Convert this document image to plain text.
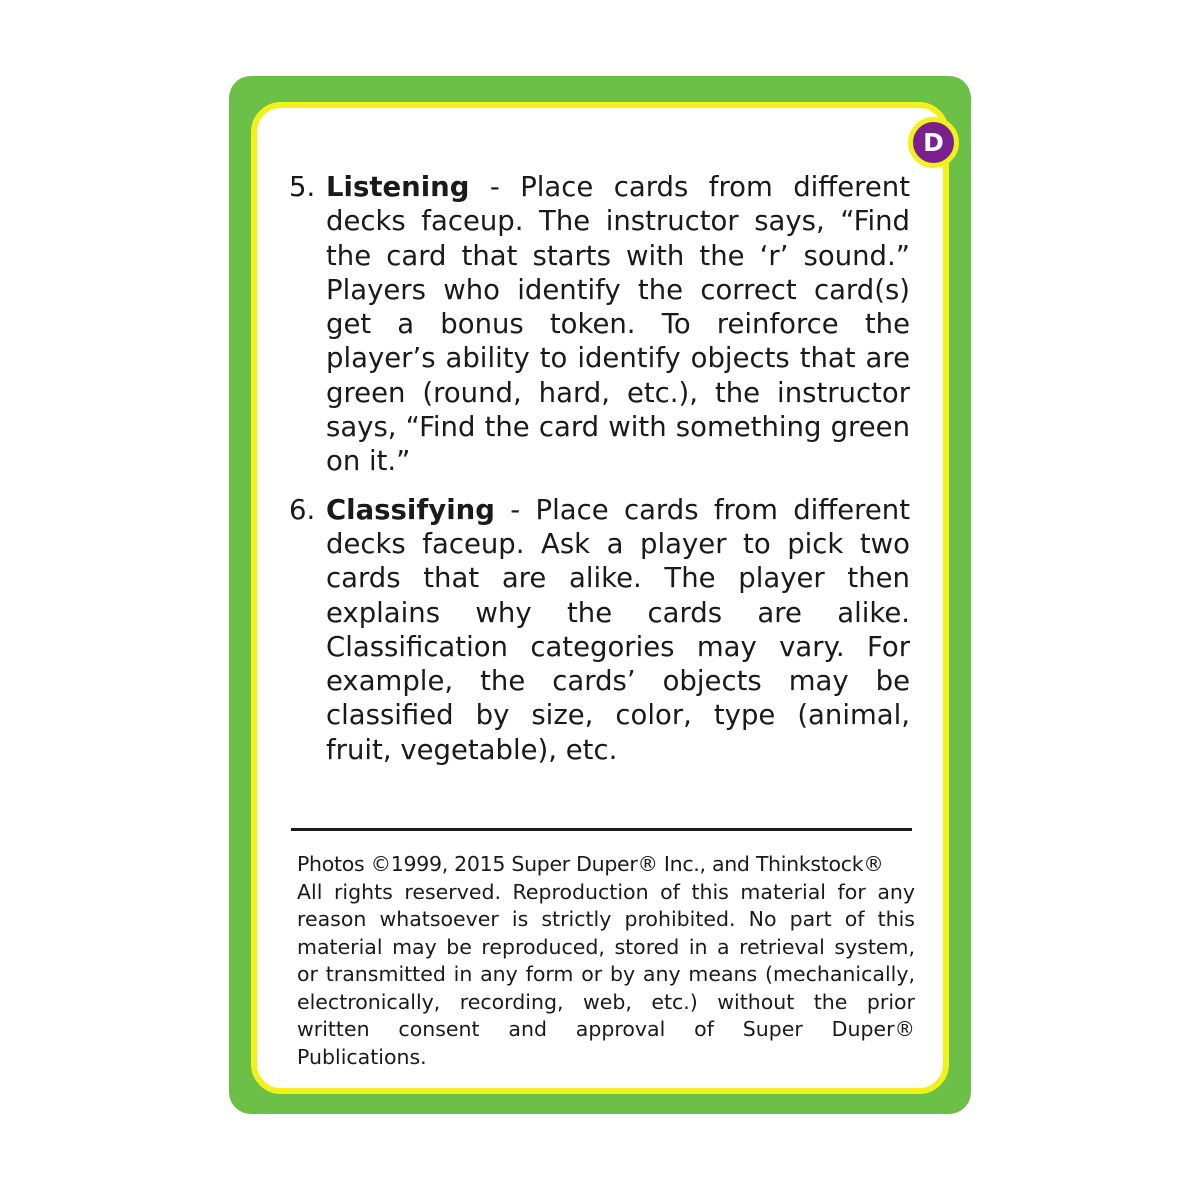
D
5. Listening - Place cards from different decks faceup. The instructor says, “Find the card that starts with the ‘r’ sound.” Players who identify the correct card(s) get a bonus token. To reinforce the player’s ability to identify objects that are green (round, hard, etc.), the instructor says, “Find the card with something green on it.”
6. Classifying - Place cards from different decks faceup. Ask a player to pick two cards that are alike. The player then explains why the cards are alike. Classification categories may vary. For example, the cards’ objects may be classified by size, color, type (animal, fruit, vegetable), etc.
Photos ©1999, 2015 Super Duper® Inc., and Thinkstock®
All rights reserved. Reproduction of this material for any reason whatsoever is strictly prohibited. No part of this material may be reproduced, stored in a retrieval system, or transmitted in any form or by any means (mechanically, electronically, recording, web, etc.) without the prior written consent and approval of Super Duper® Publications.
